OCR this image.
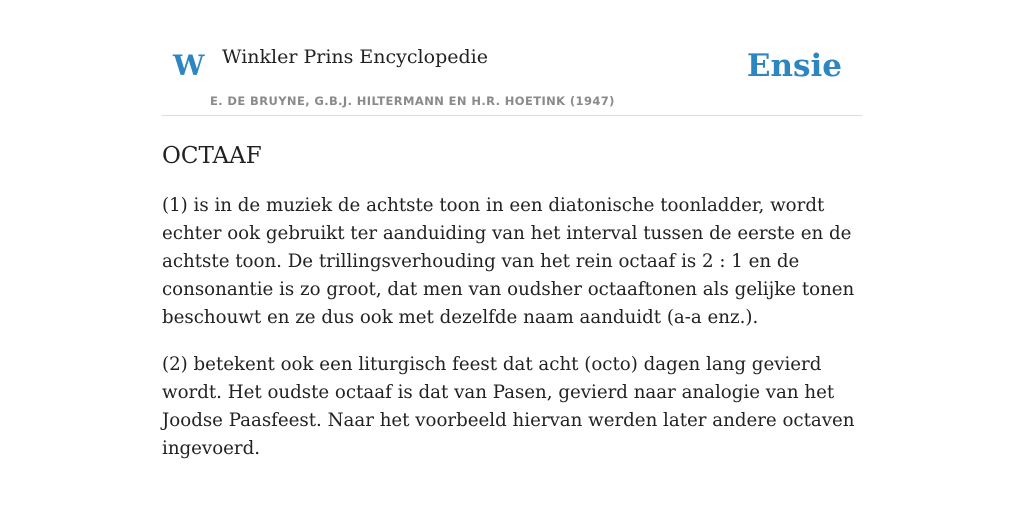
W Winkler Prins Encyclopedie
E. DE BRUYNE, G.B.J. HILTERMANN EN H.R. HOETINK (1947)
Ensie
OCTAAF

(1) is in de muziek de achtste toon in een diatonische toonladder, wordt echter ook gebruikt ter aanduiding van het interval tussen de eerste en de achtste toon. De trillingsverhouding van het rein octaaf is 2 : 1 en de consonantie is zo groot, dat men van oudsher octaaftonen als gelijke tonen beschouwt en ze dus ook met dezelfde naam aanduidt (a-a enz.).

(2) betekent ook een liturgisch feest dat acht (octo) dagen lang gevierd wordt. Het oudste octaaf is dat van Pasen, gevierd naar analogie van het Joodse Paasfeest. Naar het voorbeeld hiervan werden later andere octaven ingevoerd.
